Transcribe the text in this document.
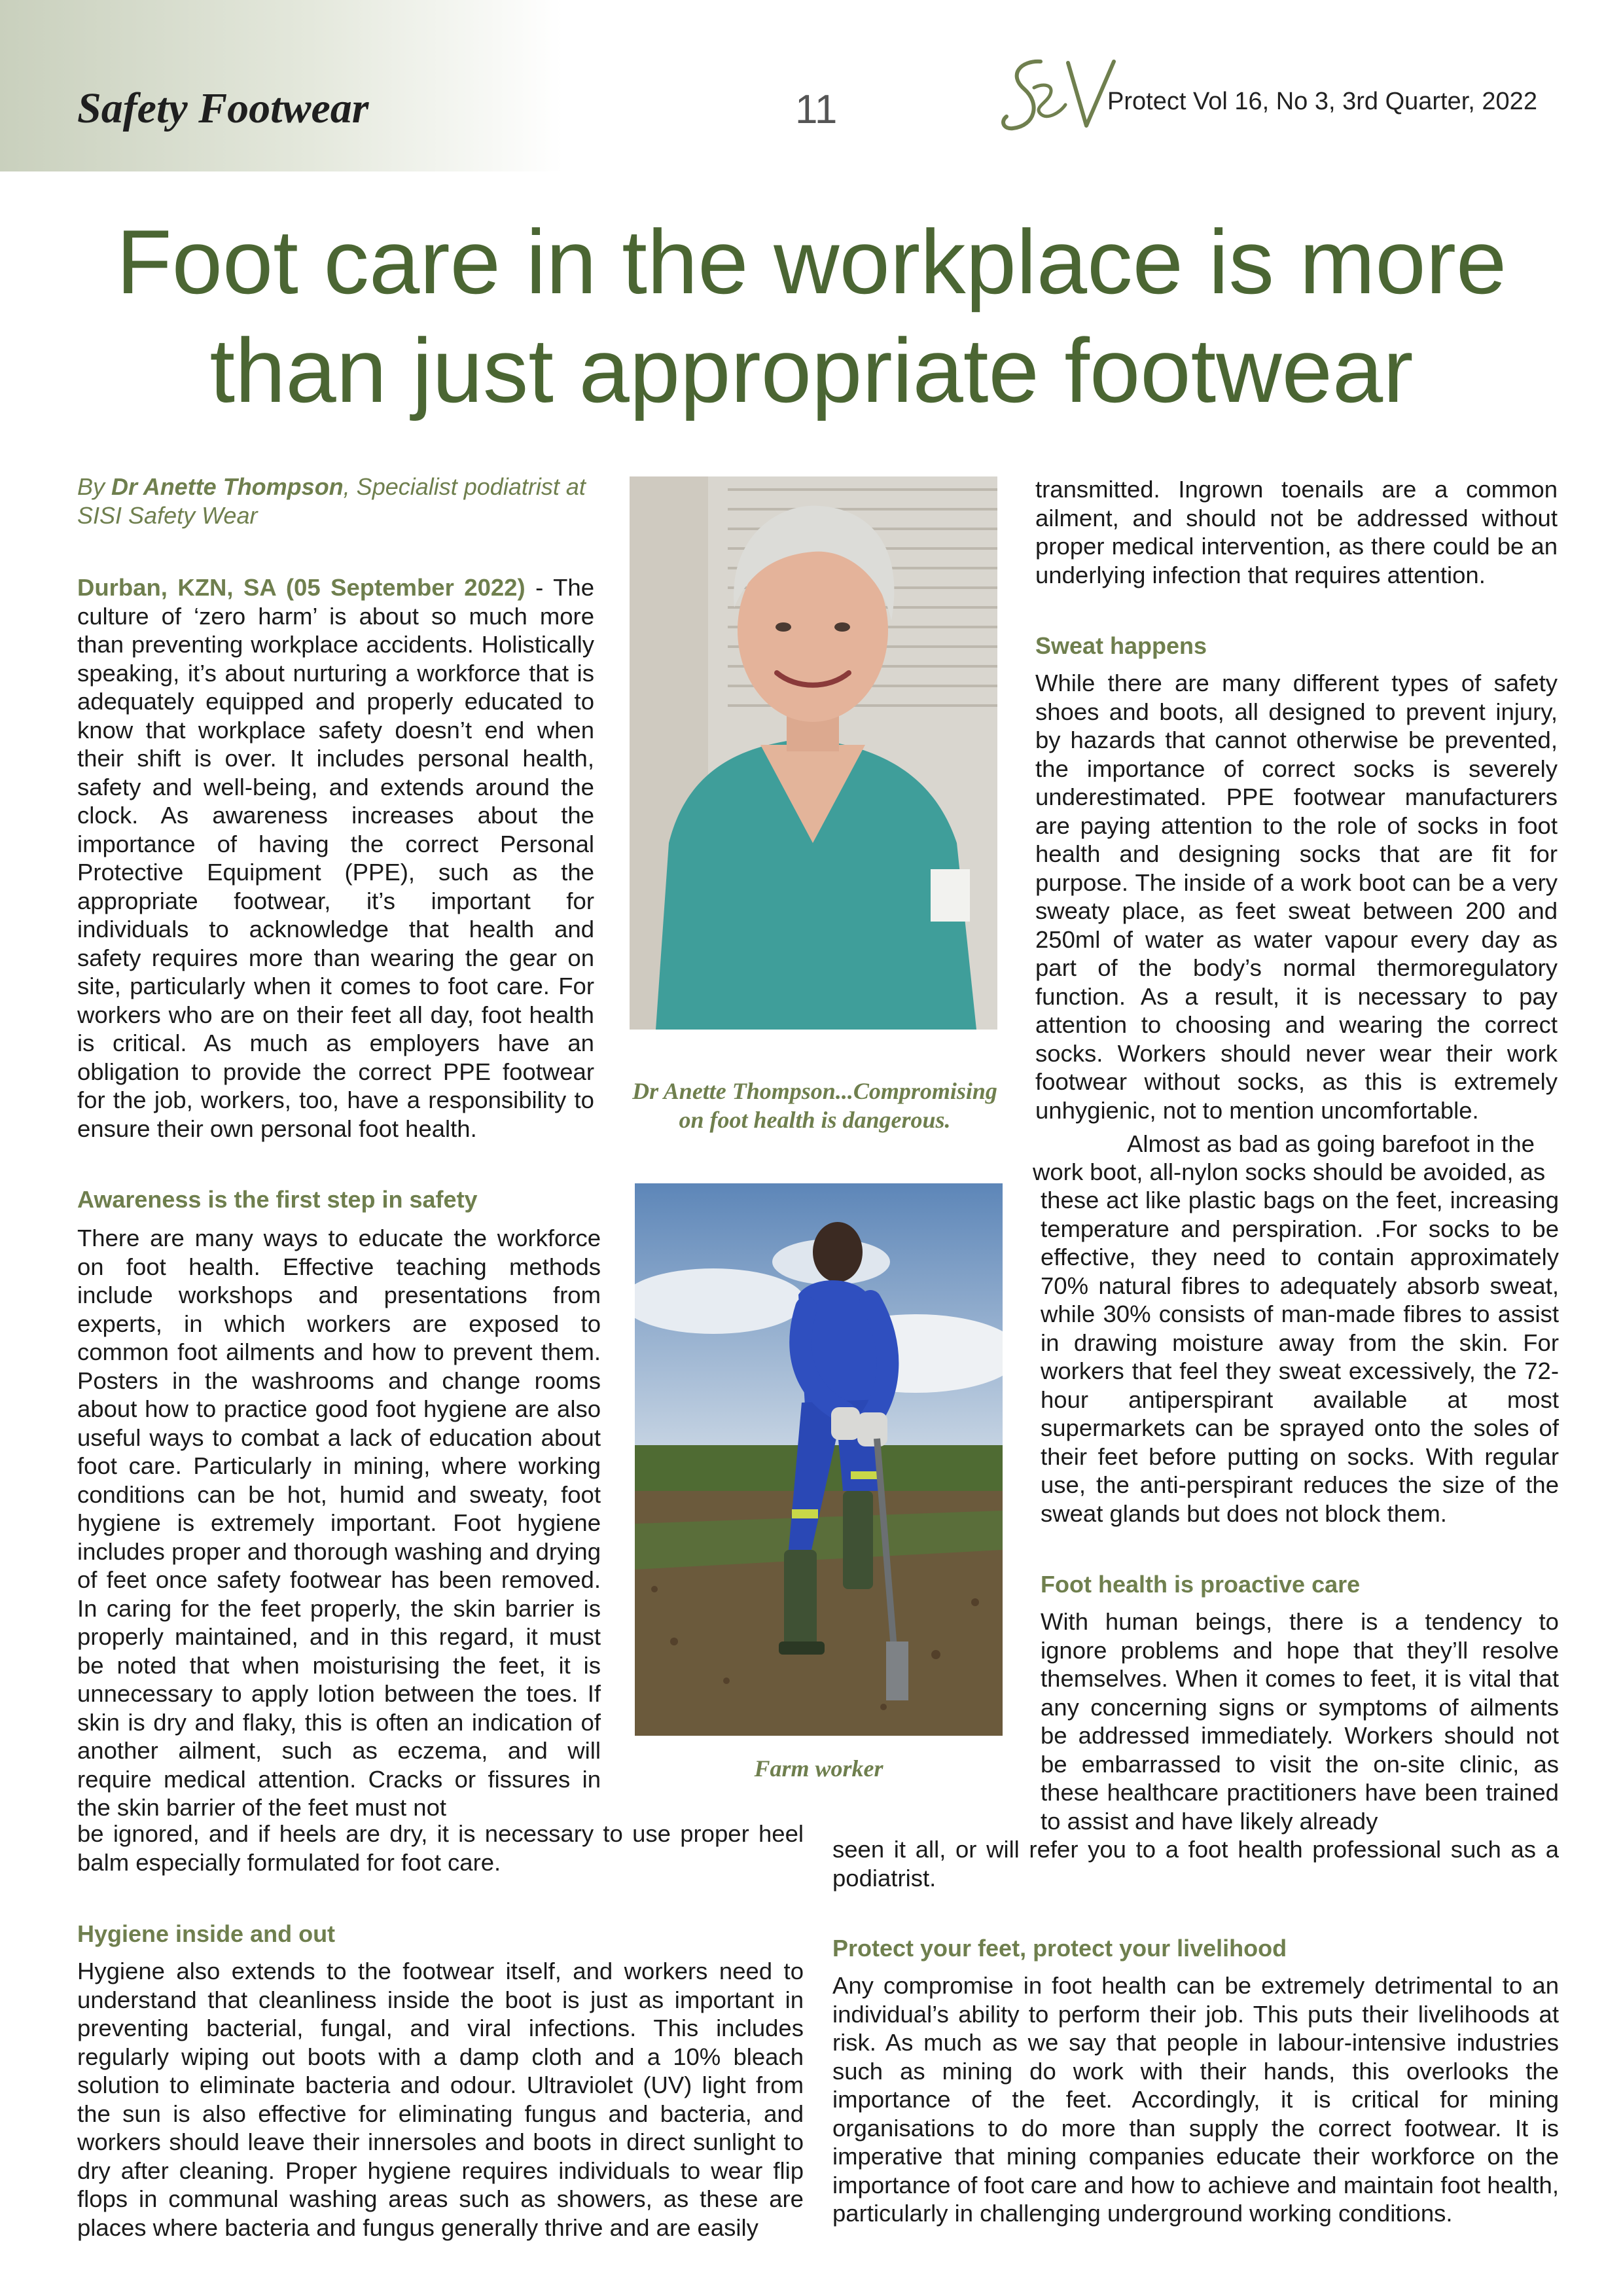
Safety Footwear	11
S&V
Protect Vol 16, No 3, 3rd Quarter, 2022
Foot care in the workplace is more
than just appropriate footwear

By Dr Anette Thompson, Specialist podiatrist at SISI Safety Wear

Durban, KZN, SA (05 September 2022) - The culture of ‘zero harm’ is about so much more than preventing workplace accidents. Holistically speaking, it’s about nurturing a workforce that is adequately equipped and properly educated to know that workplace safety doesn’t end when their shift is over. It includes personal health, safety and well-being, and extends around the clock. As awareness increases about the importance of having the correct Personal Protective Equipment (PPE), such as the appropriate footwear, it’s important for individuals to acknowledge that health and safety requires more than wearing the gear on site, particularly when it comes to foot care. For workers who are on their feet all day, foot health is critical. As much as employers have an obligation to provide the correct PPE footwear for the job, workers, too, have a responsibility to ensure their own personal foot health.

Awareness is the first step in safety

There are many ways to educate the workforce on foot health. Effective teaching methods include workshops and presentations from experts, in which workers are exposed to common foot ailments and how to prevent them. Posters in the washrooms and change rooms about how to practice good foot hygiene are also useful ways to combat a lack of education about foot care. Particularly in mining, where working conditions can be hot, humid and sweaty, foot hygiene is extremely important. Foot hygiene includes proper and thorough washing and drying of feet once safety footwear has been removed. In caring for the feet properly, the skin barrier is properly maintained, and in this regard, it must be noted that when moisturising the feet, it is unnecessary to apply lotion between the toes. If skin is dry and flaky, this is often an indication of another ailment, such as eczema, and will require medical attention. Cracks or fissures in the skin barrier of the feet must not

be ignored, and if heels are dry, it is necessary to use proper heel balm especially formulated for foot care.

Hygiene inside and out

Hygiene also extends to the footwear itself, and workers need to understand that cleanliness inside the boot is just as important in preventing bacterial, fungal, and viral infections. This includes regularly wiping out boots with a damp cloth and a 10% bleach solution to eliminate bacteria and odour. Ultraviolet (UV) light from the sun is also effective for eliminating fungus and bacteria, and workers should leave their innersoles and boots in direct sunlight to dry after cleaning. Proper hygiene requires individuals to wear flip flops in communal washing areas such as showers, as these are places where bacteria and fungus generally thrive and are easily

Dr Anette Thompson...Compromising
on foot health is dangerous.

Farm worker

transmitted. Ingrown toenails are a common ailment, and should not be addressed without proper medical intervention, as there could be an underlying infection that requires attention.

Sweat happens

While there are many different types of safety shoes and boots, all designed to prevent injury, by hazards that cannot otherwise be prevented, the importance of correct socks is severely underestimated. PPE footwear manufacturers are paying attention to the role of socks in foot health and designing socks that are fit for purpose. The inside of a work boot can be a very sweaty place, as feet sweat between 200 and 250ml of water as water vapour every day as part of the body’s normal thermoregulatory function. As a result, it is necessary to pay attention to choosing and wearing the correct socks. Workers should never wear their work footwear without socks, as this is extremely unhygienic, not to mention uncomfortable.

Almost as bad as going barefoot in the

work boot, all-nylon socks should be avoided, as

these act like plastic bags on the feet, increasing temperature and perspiration. .For socks to be effective, they need to contain approximately 70% natural fibres to adequately absorb sweat, while 30% consists of man-made fibres to assist in drawing moisture away from the skin. For workers that feel they sweat excessively, the 72-hour antiperspirant available at most supermarkets can be sprayed onto the soles of their feet before putting on socks. With regular use, the anti-perspirant reduces the size of the sweat glands but does not block them.

Foot health is proactive care

With human beings, there is a tendency to ignore problems and hope that they’ll resolve themselves. When it comes to feet, it is vital that any concerning signs or symptoms of ailments be addressed immediately. Workers should not be embarrassed to visit the on-site clinic, as these healthcare practitioners have been trained to assist and have likely already

seen it all, or will refer you to a foot health professional such as a podiatrist.

Protect your feet, protect your livelihood

Any compromise in foot health can be extremely detrimental to an individual’s ability to perform their job. This puts their livelihoods at risk. As much as we say that people in labour-intensive industries such as mining do work with their hands, this overlooks the importance of the feet. Accordingly, it is critical for mining organisations to do more than supply the correct footwear. It is imperative that mining companies educate their workforce on the importance of foot care and how to achieve and maintain foot health, particularly in challenging underground working conditions.
